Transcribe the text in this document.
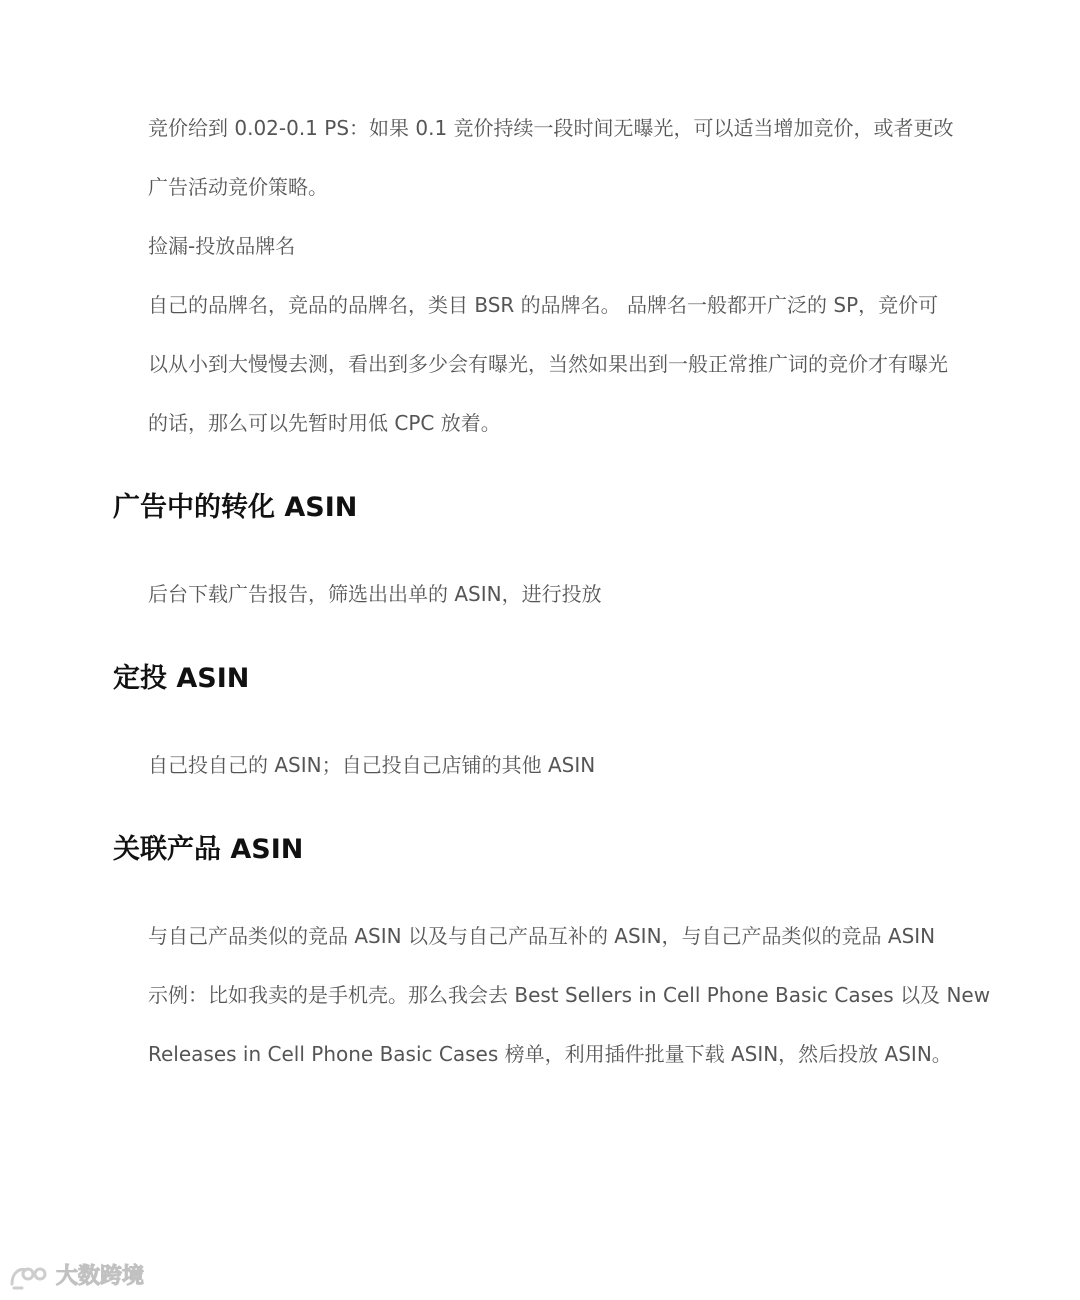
竞价给到 0.02-0.1 PS：如果 0.1 竞价持续一段时间无曝光，可以适当增加竞价，或者更改
广告活动竞价策略。
捡漏-投放品牌名
自己的品牌名，竞品的品牌名，类目 BSR 的品牌名。 品牌名一般都开广泛的 SP，竞价可
以从小到大慢慢去测，看出到多少会有曝光，当然如果出到一般正常推广词的竞价才有曝光
的话，那么可以先暂时用低 CPC 放着。
广告中的转化 ASIN
后台下载广告报告，筛选出出单的 ASIN，进行投放
定投 ASIN
自己投自己的 ASIN；自己投自己店铺的其他 ASIN
关联产品 ASIN
与自己产品类似的竞品 ASIN 以及与自己产品互补的 ASIN，与自己产品类似的竞品 ASIN
示例：比如我卖的是手机壳。那么我会去 Best Sellers in Cell Phone Basic Cases 以及 New
Releases in Cell Phone Basic Cases 榜单，利用插件批量下载 ASIN，然后投放 ASIN。
大数跨境
